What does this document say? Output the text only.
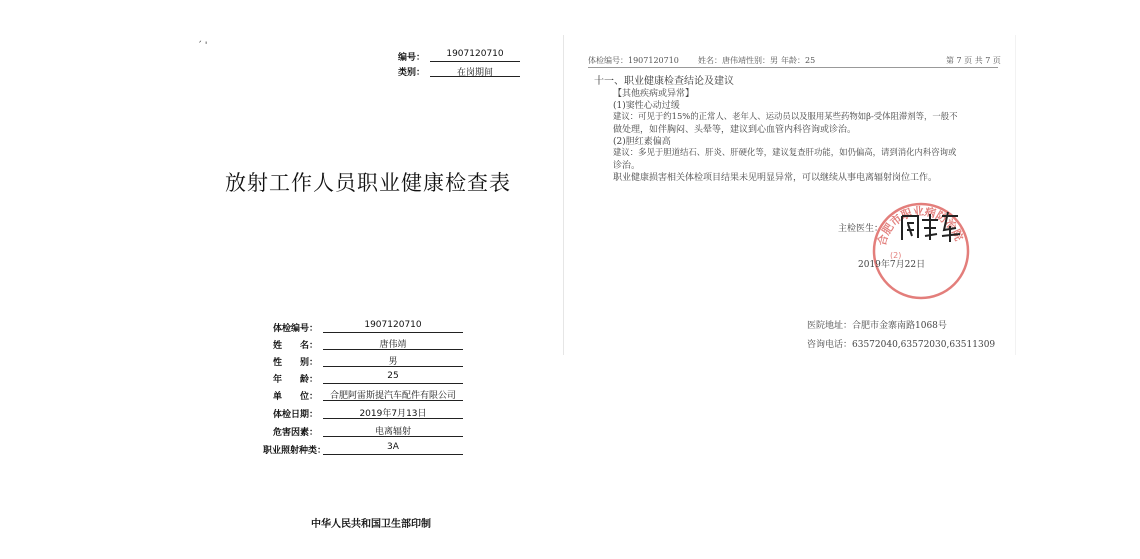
́ '
编号：	1907120710
类别：	在岗期间
放射工作人员职业健康检查表
体检编号：	1907120710
姓　　名：	唐伟靖
性　　别：	男
年　　龄：	25
单　　位：	合肥阿雷斯提汽车配件有限公司
体检日期：	2019年7月13日
危害因素：	电离辐射
职业照射种类：	3A
中华人民共和国卫生部印制
体检编号：1907120710 姓名：唐伟靖 性别：男 年龄：25	第 7 页 共 7 页
十一、职业健康检查结论及建议
【其他疾病或异常】
(1)窦性心动过缓
建议：可见于约15%的正常人、老年人、运动员以及服用某些药物如β-受体阻滞剂等，一般不
做处理，如伴胸闷、头晕等，建议到心血管内科咨询或诊治。
(2)胆红素偏高
建议：多见于胆道结石、肝炎、肝硬化等，建议复查肝功能，如仍偏高，请到消化内科咨询或
诊治。
职业健康损害相关体检项目结果未见明显异常，可以继续从事电离辐射岗位工作。
主检医生：
合肥市职业病防治院
(2)
2019年7月22日
医院地址：合肥市金寨南路1068号
咨询电话：63572040,63572030,63511309
